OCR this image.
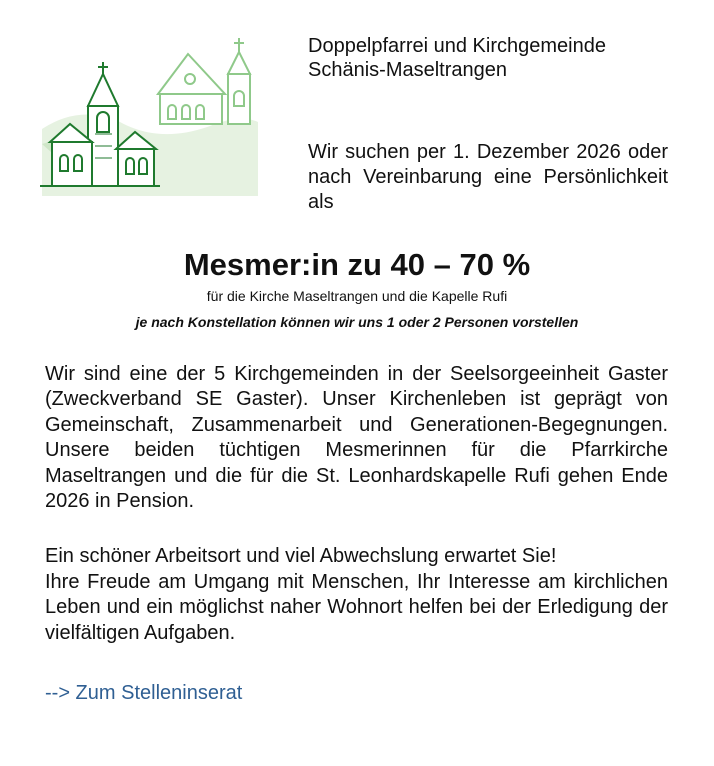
Doppelpfarrei und Kirchgemeinde
Schänis-Maseltrangen
Wir suchen per 1. Dezember 2026 oder nach Vereinbarung eine Persönlichkeit als
Mesmer:in zu 40 – 70 %
für die Kirche Maseltrangen und die Kapelle Rufi
je nach Konstellation können wir uns 1 oder 2 Personen vorstellen
Wir sind eine der 5 Kirchgemeinden in der Seelsorgeeinheit Gaster (Zweckverband SE Gaster). Unser Kirchenleben ist geprägt von Gemeinschaft, Zusammenarbeit und Generationen-Begegnungen. Unsere beiden tüchtigen Mesmerinnen für die Pfarrkirche Maseltrangen und die für die St. Leonhardskapelle Rufi gehen Ende 2026 in Pension.
Ein schöner Arbeitsort und viel Abwechslung erwartet Sie!
Ihre Freude am Umgang mit Menschen, Ihr Interesse am kirchlichen Leben und ein möglichst naher Wohnort helfen bei der Erledigung der vielfältigen Aufgaben.
--> Zum Stelleninserat
